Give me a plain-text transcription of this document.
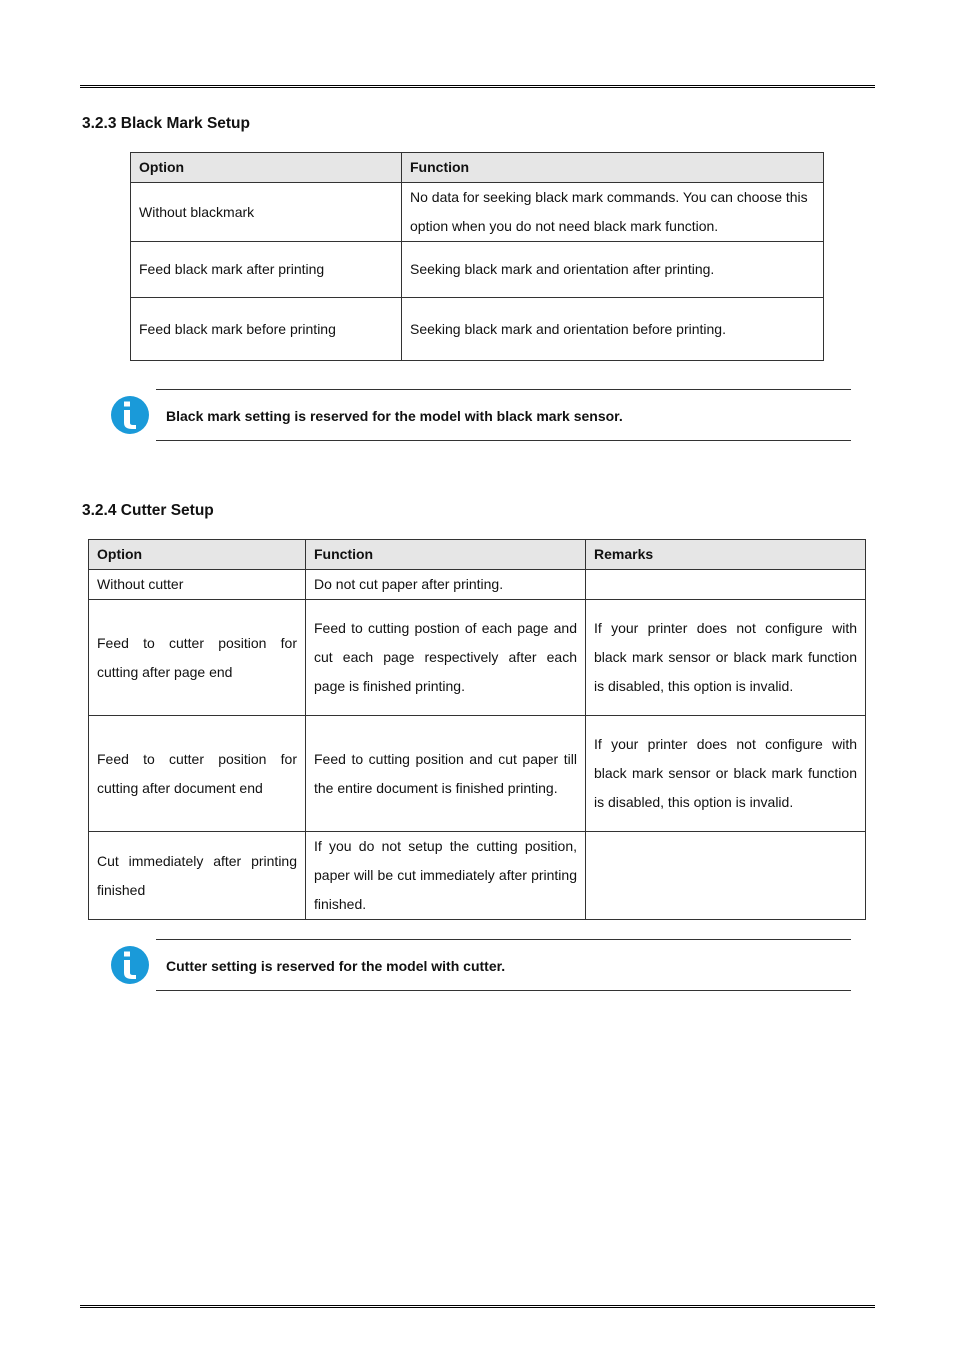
3.2.3 Black Mark Setup
Option	Function
Without blackmark	No data for seeking black mark commands. You can choose this option when you do not need black mark function.
Feed black mark after printing	Seeking black mark and orientation after printing.
Feed black mark before printing	Seeking black mark and orientation before printing.
Black mark setting is reserved for the model with black mark sensor.
3.2.4 Cutter Setup
Option	Function	Remarks
Without cutter	Do not cut paper after printing.	
Feed to cutter position for cutting after page end	Feed to cutting postion of each page and cut each page respectively after each page is finished printing.	If your printer does not configure with black mark sensor or black mark function is disabled, this option is invalid.
Feed to cutter position for cutting after document end	Feed to cutting position and cut paper till the entire document is finished printing.	If your printer does not configure with black mark sensor or black mark function is disabled, this option is invalid.
Cut immediately after printing finished	If you do not setup the cutting position, paper will be cut immediately after printing finished.	
Cutter setting is reserved for the model with cutter.
